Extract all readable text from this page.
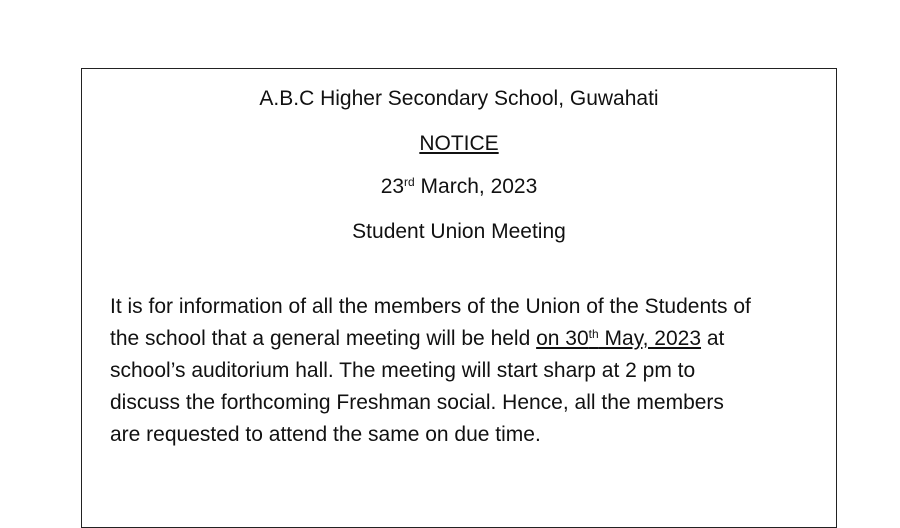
A.B.C Higher Secondary School, Guwahati
NOTICE
23rd March, 2023
Student Union Meeting
It is for information of all the members of the Union of the Students of
the school that a general meeting will be held on 30th May, 2023 at
school’s auditorium hall. The meeting will start sharp at 2 pm to
discuss the forthcoming Freshman social. Hence, all the members
are requested to attend the same on due time.
